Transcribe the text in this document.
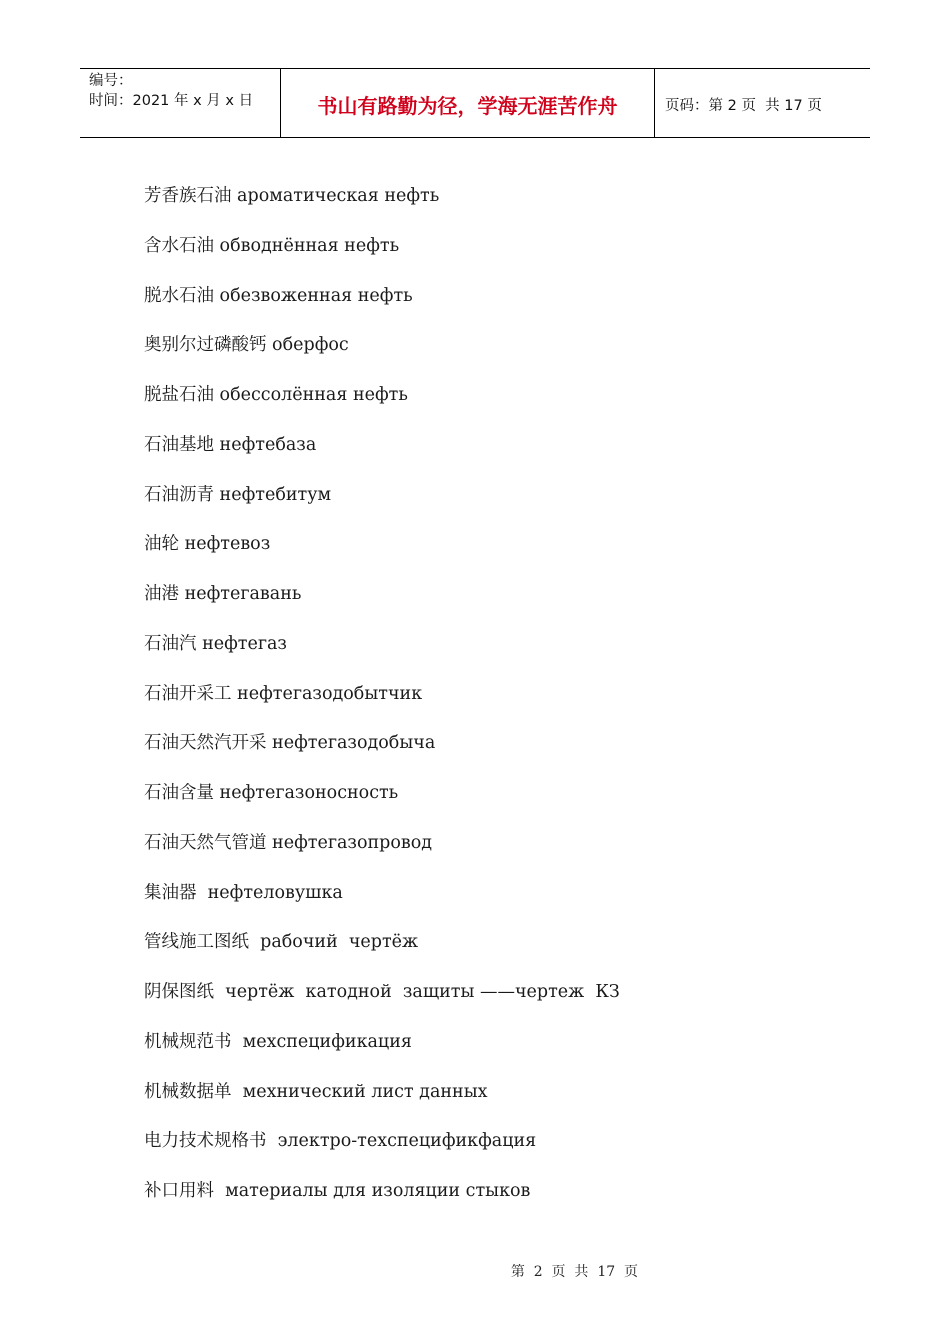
编号：
时间：2021 年 x 月 x 日	书山有路勤为径，学海无涯苦作舟	页码：第 2 页  共 17 页
芳香族石油 ароматическая нефть
含水石油 обводнённая нефть
脱水石油 обезвоженная нефть
奥别尔过磷酸钙 оберфос
脱盐石油 обессолённая нефть
石油基地 нефтебаза
石油沥青 нефтебитум
油轮 нефтевоз
油港 нефтегавань
石油汽 нефтегаз
石油开采工 нефтегазодобытчик
石油天然汽开采 нефтегазодобыча
石油含量 нефтегазоносность
石油天然气管道 нефтегазопровод
集油器  нефтеловушка
管线施工图纸  рабочий  чертёж
阴保图纸  чертёж  катодной  защиты ——чертеж  КЗ
机械规范书  мехспецификация
机械数据单  мехнический лист данных
电力技术规格书  электро-техспецификфация
补口用料  материалы для изоляции стыков

第  2  页  共  17  页
